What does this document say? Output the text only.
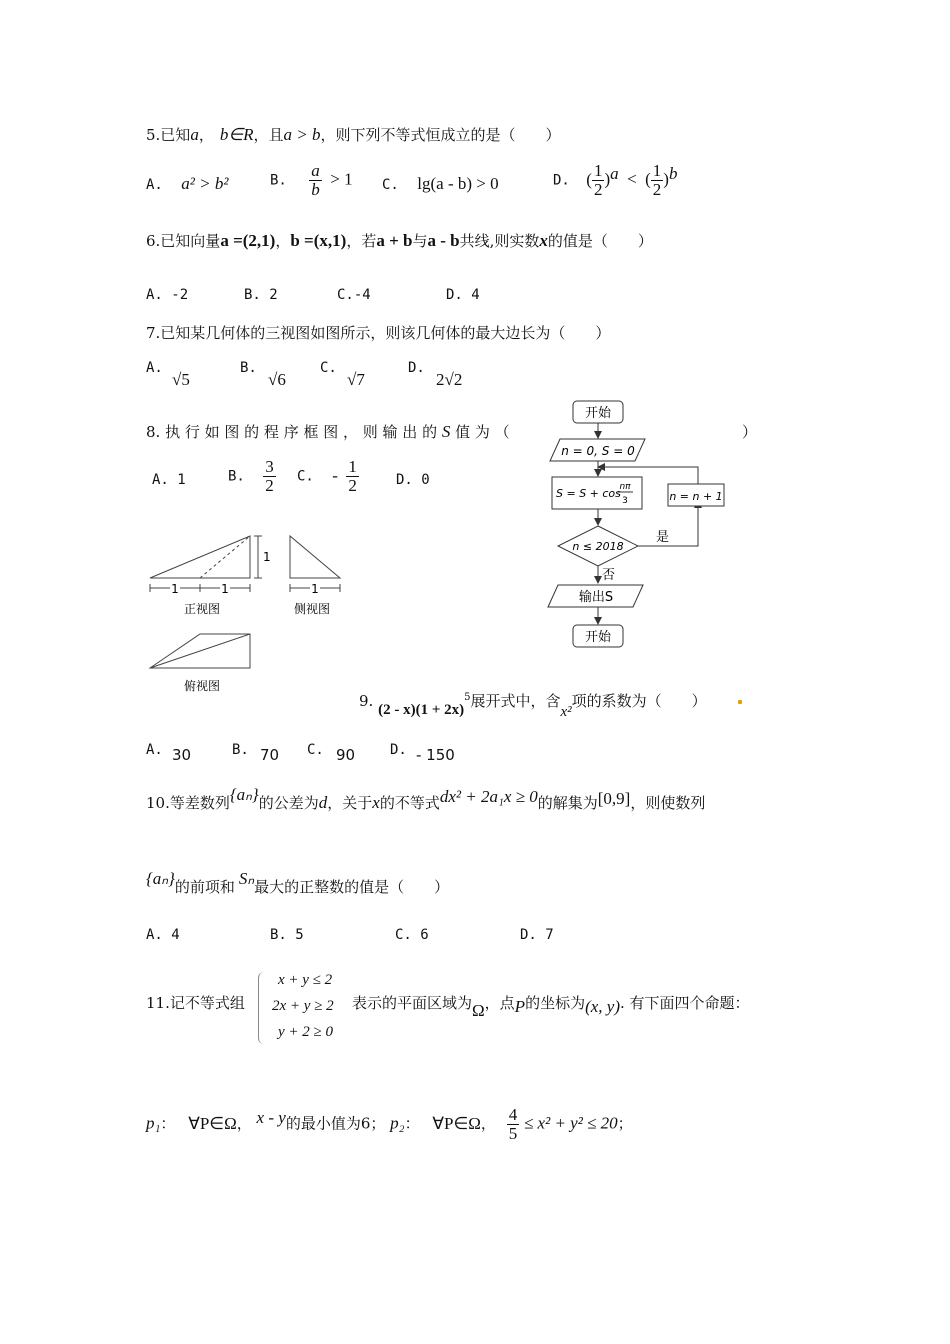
5.已知a， b∈R，且a > b，则下列不等式恒成立的是（　　）
A. a² > b²	B. $\frac{a}{b} > 1$ C. lg(a - b) > 0	D. ( $\frac{1}{2} )^a$ < ( $\frac{1}{2} )^b$
6.已知向量a =(2,1)，b =(x,1)，若a + b与a - b共线,则实数x的值是（　　）
A. -2	B. 2	C.-4	D. 4
7.已知某几何体的三视图如图所示，则该几何体的最大边长为（　　）
A.
√5
B.
√6
C.
√7
D.
2√2
8. 执 行 如 图 的 程 序 框 图 ， 则 输 出 的 S 值 为 （	）
A. 1	B. $\frac{3}{2} C$. - $\frac{1}{2}$	D. 0
开始
n = 0, S = 0
S = S + cos
nπ
3
n ≤ 2018
是
n = n + 1
否
输出S
开始
1
1	1
正视图
1
侧视图
俯视图
9. $(2 - x)(1 + 2x)^5$展开式中，含x²项的系数为（　　）
A. 30	B. 70 C. 90 D. - 150
10.等差数列{aₙ}的公差为d，关于x的不等式dx² + 2a₁x ≥ 0的解集为[0,9]，则使数列
{aₙ}的前项和 Sₙ最大的正整数的值是（　　）
A. 4	B. 5	C. 6	D. 7
11.记不等式组
x + y ≤ 2
2x + y ≥ 2
y + 2 ≥ 0
表示的平面区域为Ω，点P的坐标为(x, y). 有下面四个命题：
p₁： ∀P∈Ω， x - y的最小值为6； p₂： ∀P∈Ω， $\frac{4}{5} \le x^2 + y^2 \le 20$；
